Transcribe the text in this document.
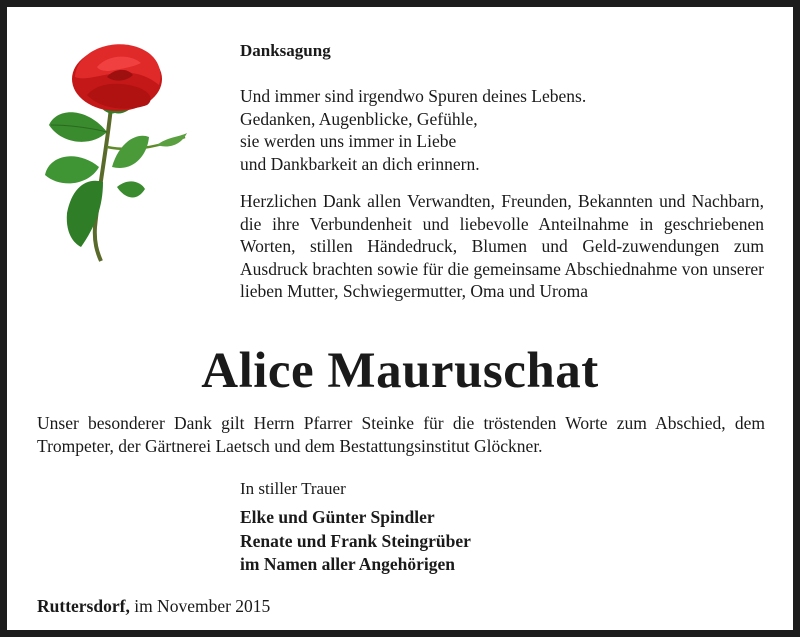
Danksagung
Und immer sind irgendwo Spuren deines Lebens.
Gedanken, Augenblicke, Gefühle,
sie werden uns immer in Liebe
und Dankbarkeit an dich erinnern.
Herzlichen Dank allen Verwandten, Freunden, Bekannten und Nachbarn, die ihre Verbundenheit und liebevolle Anteilnahme in geschriebenen Worten, stillen Händedruck, Blumen und Geld-zuwendungen zum Ausdruck brachten sowie für die gemeinsame Abschiednahme von unserer lieben Mutter, Schwiegermutter, Oma und Uroma
Alice Mauruschat
Unser besonderer Dank gilt Herrn Pfarrer Steinke für die tröstenden Worte zum Abschied, dem Trompeter, der Gärtnerei Laetsch und dem Bestattungsinstitut Glöckner.
In stiller Trauer
Elke und Günter Spindler
Renate und Frank Steingrüber
im Namen aller Angehörigen
Ruttersdorf, im November 2015
